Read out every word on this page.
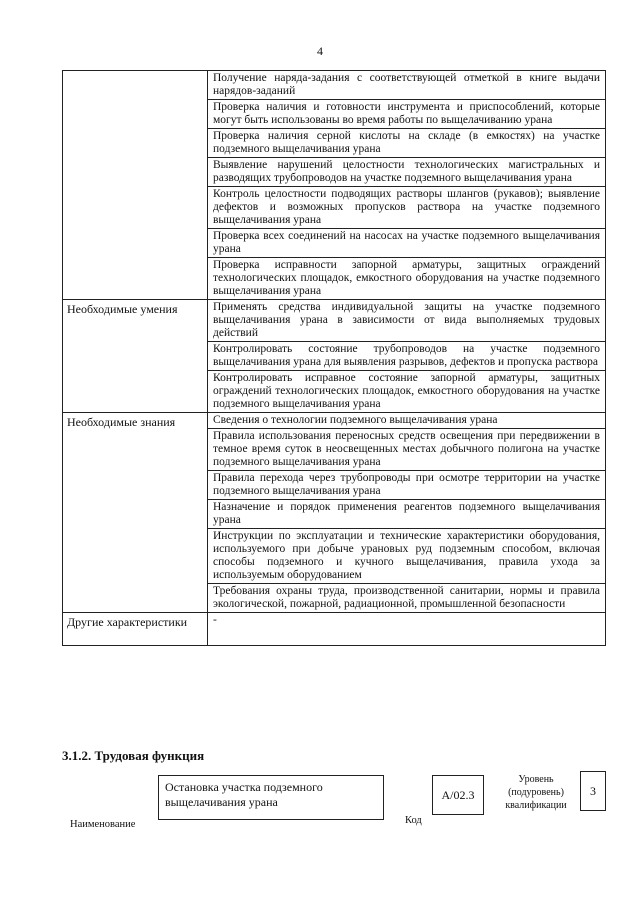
4
	Получение наряда-задания с соответствующей отметкой в книге выдачи нарядов-заданий
	Проверка наличия и готовности инструмента и приспособлений, которые могут быть использованы во время работы по выщелачиванию урана
	Проверка наличия серной кислоты на складе (в емкостях) на участке подземного выщелачивания урана
	Выявление нарушений целостности технологических магистральных и разводящих трубопроводов на участке подземного выщелачивания урана
	Контроль целостности подводящих растворы шлангов (рукавов); выявление дефектов и возможных пропусков раствора на участке подземного выщелачивания урана
	Проверка всех соединений на насосах на участке подземного выщелачивания урана
	Проверка исправности запорной арматуры, защитных ограждений технологических площадок, емкостного оборудования на участке подземного выщелачивания урана
Необходимые умения	Применять средства индивидуальной защиты на участке подземного выщелачивания урана в зависимости от вида выполняемых трудовых действий
	Контролировать состояние трубопроводов на участке подземного выщелачивания урана для выявления разрывов, дефектов и пропуска раствора
	Контролировать исправное состояние запорной арматуры, защитных ограждений технологических площадок, емкостного оборудования на участке подземного выщелачивания урана
Необходимые знания	Сведения о технологии подземного выщелачивания урана
	Правила использования переносных средств освещения при передвижении в темное время суток в неосвещенных местах добычного полигона на участке подземного выщелачивания урана
	Правила перехода через трубопроводы при осмотре территории на участке подземного выщелачивания урана
	Назначение и порядок применения реагентов подземного выщелачивания урана
	Инструкции по эксплуатации и технические характеристики оборудования, используемого при добыче урановых руд подземным способом, включая способы подземного и кучного выщелачивания, правила ухода за используемым оборудованием
	Требования охраны труда, производственной санитарии, нормы и правила экологической, пожарной, радиационной, промышленной безопасности
Другие характеристики	-
3.1.2. Трудовая функция
Наименование
Остановка участка подземного выщелачивания урана
Код
А/02.3
Уровень
(подуровень)
квалификации
3
